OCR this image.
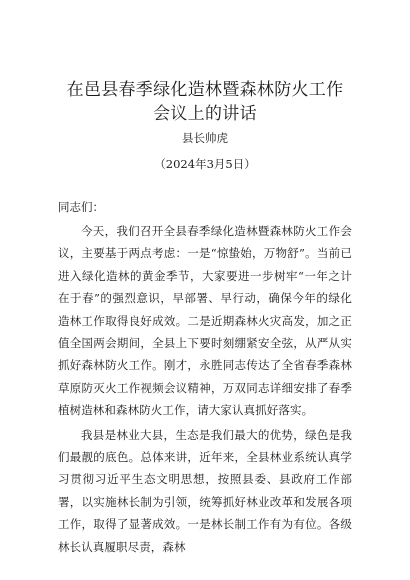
在邑县春季绿化造林暨森林防火工作会议上的讲话
县长帅虎
（2024年3月5日）
同志们：

今天，我们召开全县春季绿化造林暨森林防火工作会议，主要基于两点考虑：一是“惊蛰始，万物舒”。当前已进入绿化造林的黄金季节，大家要进一步树牢“一年之计在于春”的强烈意识，早部署、早行动，确保今年的绿化造林工作取得良好成效。二是近期森林火灾高发，加之正值全国两会期间，全县上下要时刻绷紧安全弦，从严从实抓好森林防火工作。刚才，永胜同志传达了全省春季森林草原防灭火工作视频会议精神，万双同志详细安排了春季植树造林和森林防火工作，请大家认真抓好落实。

我县是林业大县，生态是我们最大的优势，绿色是我们最靓的底色。总体来讲，近年来，全县林业系统认真学习贯彻习近平生态文明思想，按照县委、县政府工作部署，以实施林长制为引领，统筹抓好林业改革和发展各项工作，取得了显著成效。一是林长制工作有为有位。各级林长认真履职尽责，森林
